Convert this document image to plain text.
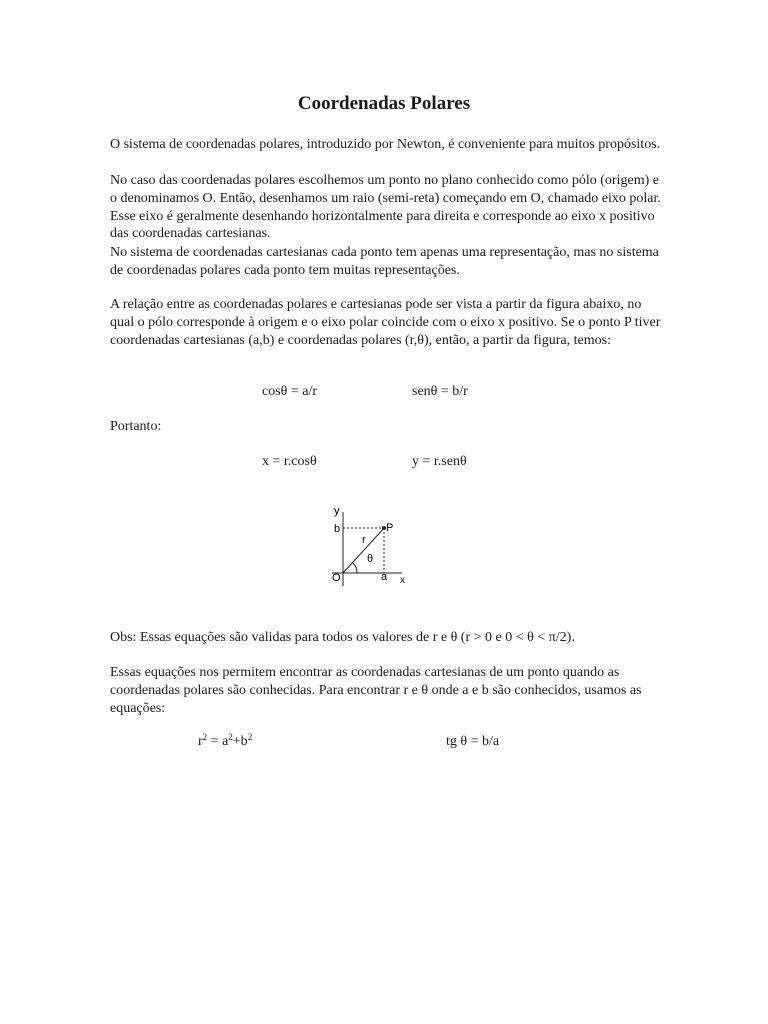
Coordenadas Polares

O sistema de coordenadas polares, introduzido por Newton, é conveniente para muitos propósitos.

No caso das coordenadas polares escolhemos um ponto no plano conhecido como pólo (origem) e o denominamos O. Então, desenhamos um raio (semi-reta) começando em O, chamado eixo polar. Esse eixo é geralmente desenhando horizontalmente para direita e corresponde ao eixo x positivo das coordenadas cartesianas.

No sistema de coordenadas cartesianas cada ponto tem apenas uma representação, mas no sistema de coordenadas polares cada ponto tem muitas representações.

A relação entre as coordenadas polares e cartesianas pode ser vista a partir da figura abaixo, no qual o pólo corresponde à origem e o eixo polar coincide com o eixo x positivo. Se o ponto P tiver coordenadas cartesianas (a,b) e coordenadas polares (r,θ), então, a partir da figura, temos:

cosθ = a/r	senθ = b/r

Portanto:

x = r.cosθ	y = r.senθ
y
b	P
r
θ
O	a x

Obs: Essas equações são validas para todos os valores de r e θ (r > 0 e 0 < θ < π/2).

Essas equações nos permitem encontrar as coordenadas cartesianas de um ponto quando as coordenadas polares são conhecidas. Para encontrar r e θ onde a e b são conhecidos, usamos as equações:

$r^2 = a^2+b^2$	tg θ = b/a
